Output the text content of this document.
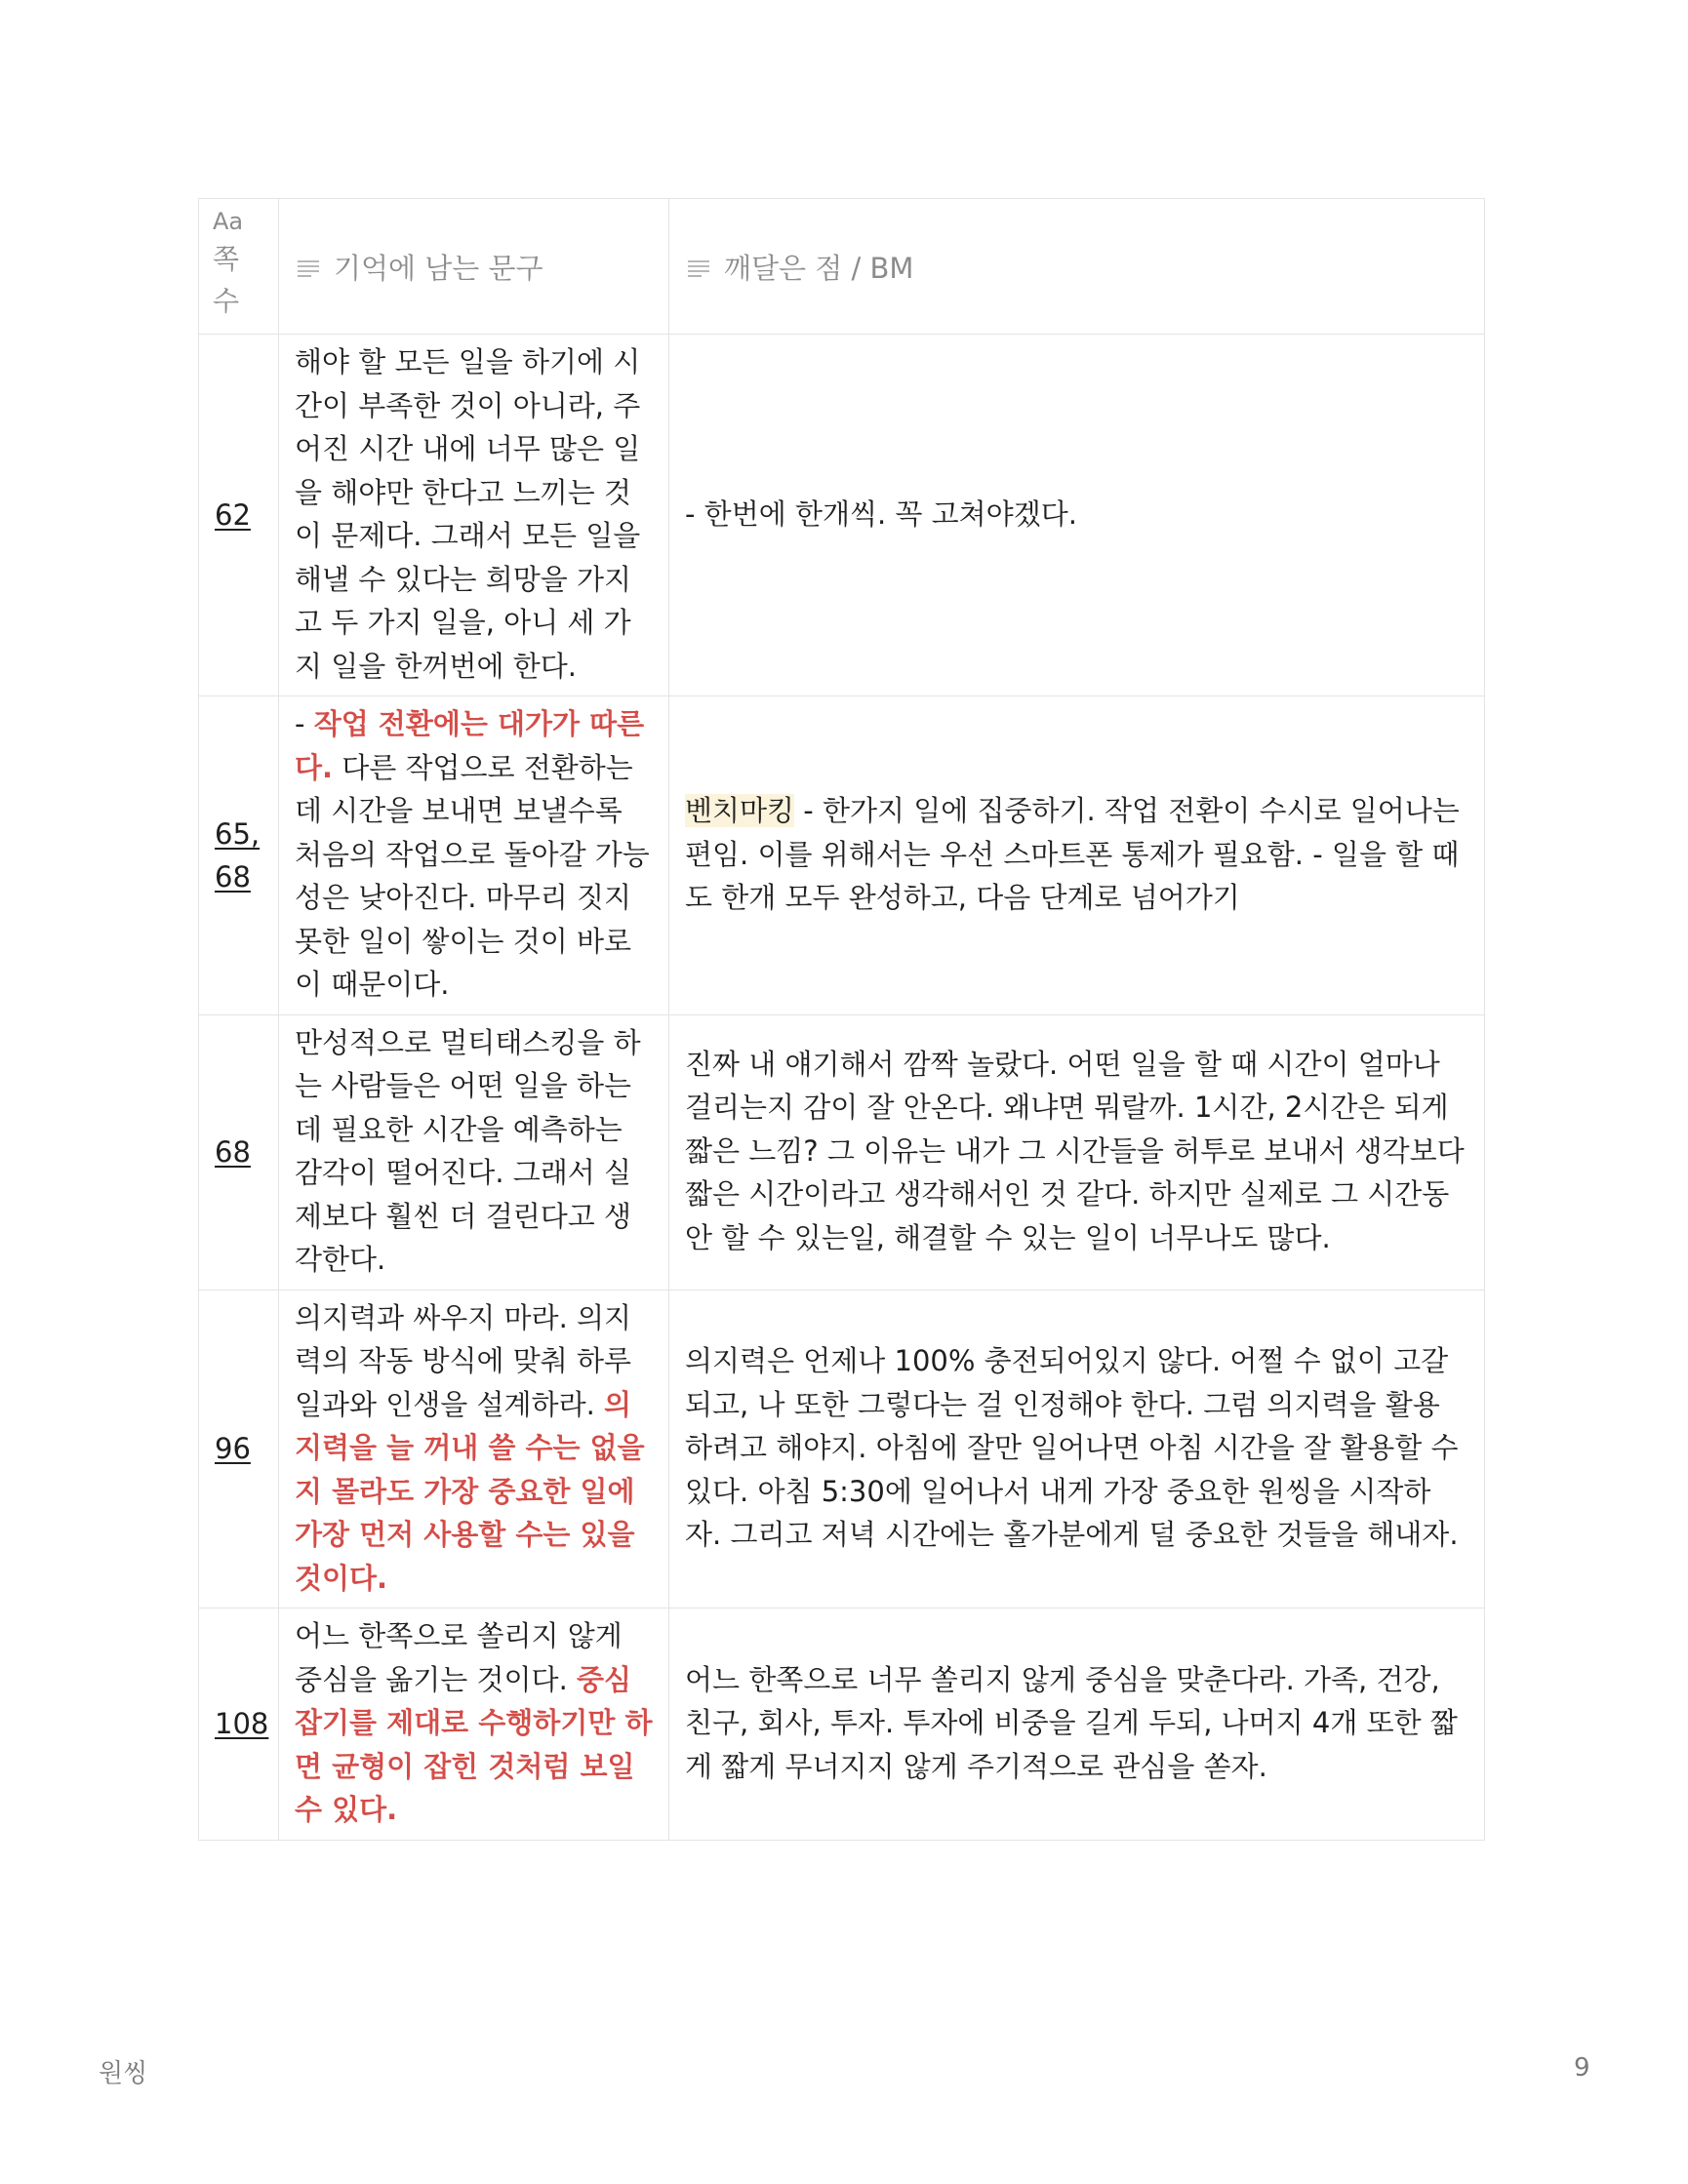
Aa
쪽
수	기억에 남는 문구	깨달은 점 / BM
62	해야 할 모든 일을 하기에 시간이 부족한 것이 아니라, 주어진 시간 내에 너무 많은 일을 해야만 한다고 느끼는 것이 문제다. 그래서 모든 일을 해낼 수 있다는 희망을 가지고 두 가지 일을, 아니 세 가지 일을 한꺼번에 한다.	- 한번에 한개씩. 꼭 고쳐야겠다.
65, 68	- 작업 전환에는 대가가 따른다. 다른 작업으로 전환하는 데 시간을 보내면 보낼수록 처음의 작업으로 돌아갈 가능성은 낮아진다. 마무리 짓지 못한 일이 쌓이는 것이 바로 이 때문이다.	벤치마킹 - 한가지 일에 집중하기. 작업 전환이 수시로 일어나는 편임. 이를 위해서는 우선 스마트폰 통제가 필요함. - 일을 할 때도 한개 모두 완성하고, 다음 단계로 넘어가기
68	만성적으로 멀티태스킹을 하는 사람들은 어떤 일을 하는 데 필요한 시간을 예측하는 감각이 떨어진다. 그래서 실제보다 훨씬 더 걸린다고 생각한다.	진짜 내 얘기해서 깜짝 놀랐다. 어떤 일을 할 때 시간이 얼마나 걸리는지 감이 잘 안온다. 왜냐면 뭐랄까. 1시간, 2시간은 되게 짧은 느낌? 그 이유는 내가 그 시간들을 허투로 보내서 생각보다 짧은 시간이라고 생각해서인 것 같다. 하지만 실제로 그 시간동안 할 수 있는일, 해결할 수 있는 일이 너무나도 많다.
96	의지력과 싸우지 마라. 의지력의 작동 방식에 맞춰 하루 일과와 인생을 설계하라. 의지력을 늘 꺼내 쓸 수는 없을지 몰라도 가장 중요한 일에 가장 먼저 사용할 수는 있을 것이다.	의지력은 언제나 100% 충전되어있지 않다. 어쩔 수 없이 고갈되고, 나 또한 그렇다는 걸 인정해야 한다. 그럼 의지력을 활용하려고 해야지. 아침에 잘만 일어나면 아침 시간을 잘 활용할 수 있다. 아침 5:30에 일어나서 내게 가장 중요한 원씽을 시작하자. 그리고 저녁 시간에는 홀가분에게 덜 중요한 것들을 해내자.
108	어느 한쪽으로 쏠리지 않게 중심을 옮기는 것이다. 중심잡기를 제대로 수행하기만 하면 균형이 잡힌 것처럼 보일 수 있다.	어느 한쪽으로 너무 쏠리지 않게 중심을 맞춘다라. 가족, 건강, 친구, 회사, 투자. 투자에 비중을 길게 두되, 나머지 4개 또한 짧게 짧게 무너지지 않게 주기적으로 관심을 쏟자.
원씽	9
